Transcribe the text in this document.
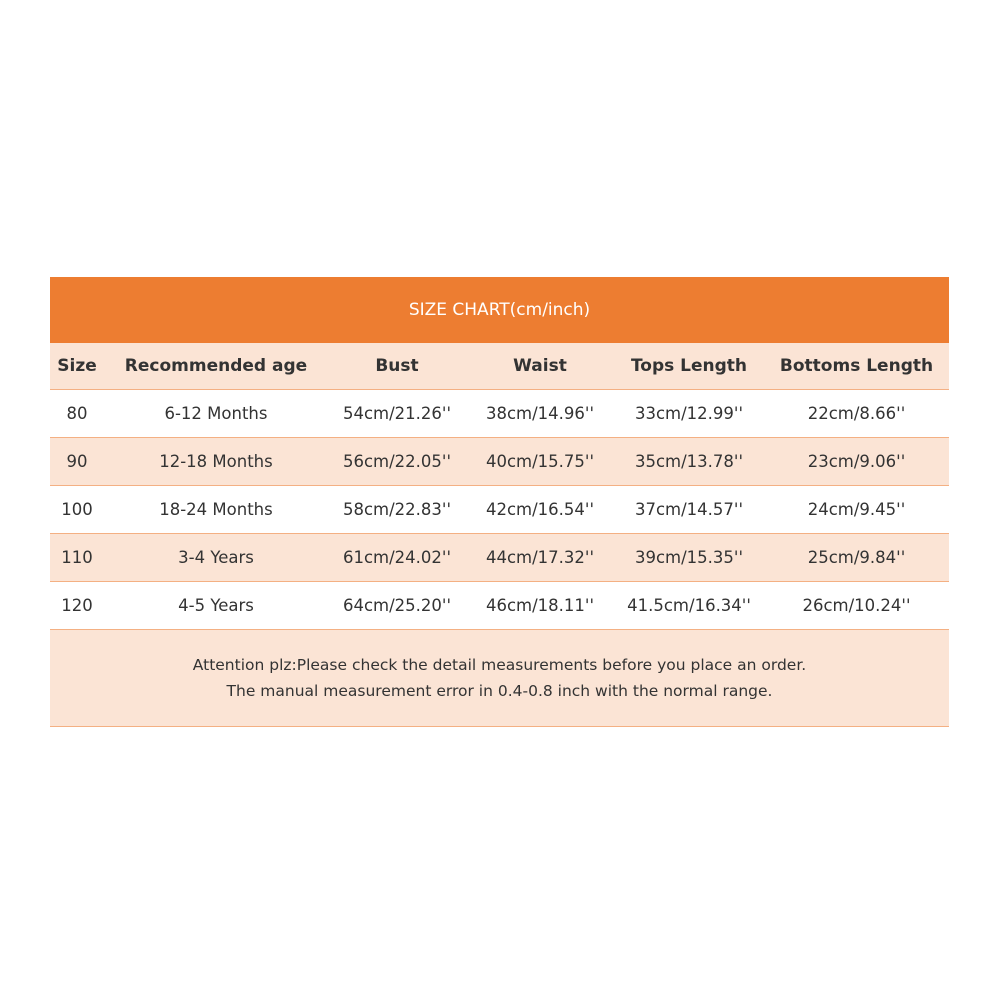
SIZE CHART(cm/inch)
Size	Recommended age	Bust	Waist	Tops Length	Bottoms Length
80	6-12 Months	54cm/21.26''	38cm/14.96''	33cm/12.99''	22cm/8.66''
90	12-18 Months	56cm/22.05''	40cm/15.75''	35cm/13.78''	23cm/9.06''
100	18-24 Months	58cm/22.83''	42cm/16.54''	37cm/14.57''	24cm/9.45''
110	3-4 Years	61cm/24.02''	44cm/17.32''	39cm/15.35''	25cm/9.84''
120	4-5 Years	64cm/25.20''	46cm/18.11''	41.5cm/16.34''	26cm/10.24''
Attention plz:Please check the detail measurements before you place an order.
The manual measurement error in 0.4-0.8 inch with the normal range.
